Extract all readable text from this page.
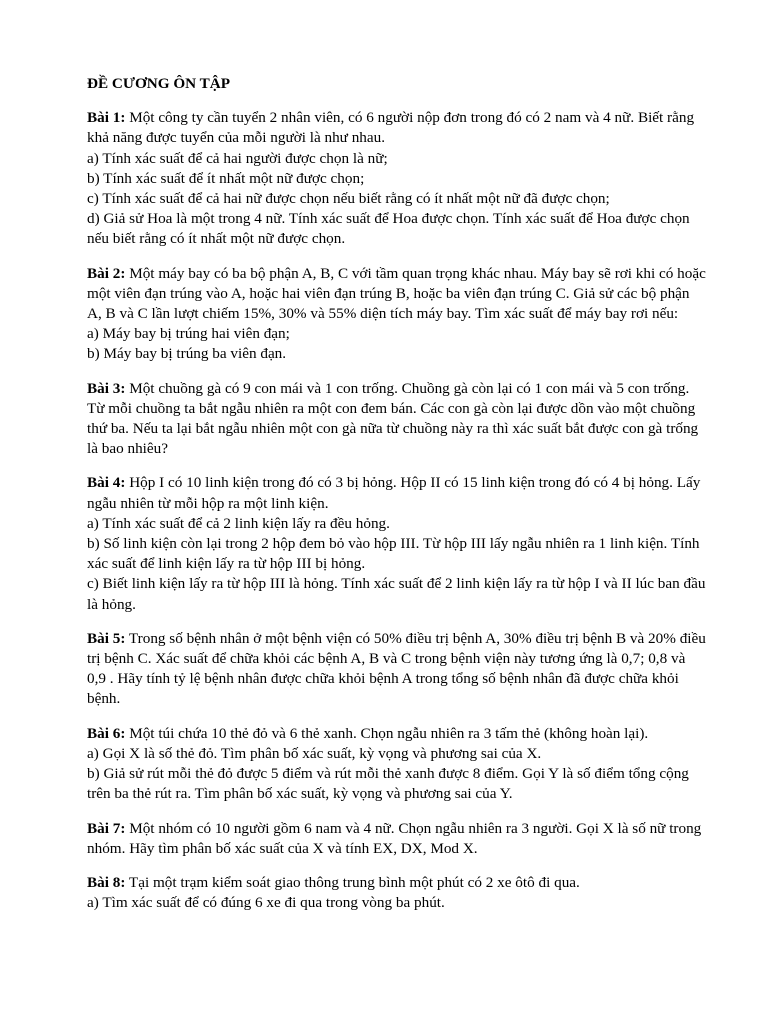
ĐỀ CƯƠNG ÔN TẬP

Bài 1: Một công ty cần tuyển 2 nhân viên, có 6 người nộp đơn trong đó có 2 nam và 4 nữ. Biết rằng khả năng được tuyển của mỗi người là như nhau.

a) Tính xác suất để cả hai người được chọn là nữ;

b) Tính xác suất để ít nhất một nữ được chọn;

c) Tính xác suất để cả hai nữ được chọn nếu biết rằng có ít nhất một nữ đã được chọn;

d) Giả sử Hoa là một trong 4 nữ. Tính xác suất để Hoa được chọn. Tính xác suất để Hoa được chọn nếu biết rằng có ít nhất một nữ được chọn.

Bài 2: Một máy bay có ba bộ phận A, B, C với tầm quan trọng khác nhau. Máy bay sẽ rơi khi có hoặc một viên đạn trúng vào A, hoặc hai viên đạn trúng B, hoặc ba viên đạn trúng C. Giả sử các bộ phận A, B và C lần lượt chiếm 15%, 30% và 55% diện tích máy bay. Tìm xác suất để máy bay rơi nếu:

a) Máy bay bị trúng hai viên đạn;

b) Máy bay bị trúng ba viên đạn.

Bài 3: Một chuồng gà có 9 con mái và 1 con trống. Chuồng gà còn lại có 1 con mái và 5 con trống. Từ mỗi chuồng ta bắt ngẫu nhiên ra một con đem bán. Các con gà còn lại được dồn vào một chuồng thứ ba. Nếu ta lại bắt ngẫu nhiên một con gà nữa từ chuồng này ra thì xác suất bắt được con gà trống là bao nhiêu?

Bài 4: Hộp I có 10 linh kiện trong đó có 3 bị hỏng. Hộp II có 15 linh kiện trong đó có 4 bị hỏng. Lấy ngẫu nhiên từ mỗi hộp ra một linh kiện.

a) Tính xác suất để cả 2 linh kiện lấy ra đều hỏng.

b) Số linh kiện còn lại trong 2 hộp đem bỏ vào hộp III. Từ hộp III lấy ngẫu nhiên ra 1 linh kiện. Tính xác suất để linh kiện lấy ra từ hộp III bị hỏng.

c) Biết linh kiện lấy ra từ hộp III là hỏng. Tính xác suất để 2 linh kiện lấy ra từ hộp I và II lúc ban đầu là hỏng.

Bài 5: Trong số bệnh nhân ở một bệnh viện có 50% điều trị bệnh A, 30% điều trị bệnh B và 20% điều trị bệnh C. Xác suất để chữa khỏi các bệnh A, B và C trong bệnh viện này tương ứng là 0,7; 0,8 và 0,9 . Hãy tính tỷ lệ bệnh nhân được chữa khỏi bệnh A trong tổng số bệnh nhân đã được chữa khỏi bệnh.

Bài 6: Một túi chứa 10 thẻ đỏ và 6 thẻ xanh. Chọn ngẫu nhiên ra 3 tấm thẻ (không hoàn lại).

a) Gọi X là số thẻ đỏ. Tìm phân bố xác suất, kỳ vọng và phương sai của X.

b) Giả sử rút mỗi thẻ đỏ được 5 điểm và rút mỗi thẻ xanh được 8 điểm. Gọi Y là số điểm tổng cộng trên ba thẻ rút ra. Tìm phân bố xác suất, kỳ vọng và phương sai của Y.

Bài 7: Một nhóm có 10 người gồm 6 nam và 4 nữ. Chọn ngẫu nhiên ra 3 người. Gọi X là số nữ trong nhóm. Hãy tìm phân bố xác suất của X và tính EX, DX, Mod X.

Bài 8: Tại một trạm kiểm soát giao thông trung bình một phút có 2 xe ôtô đi qua.

a) Tìm xác suất để có đúng 6 xe đi qua trong vòng ba phút.
